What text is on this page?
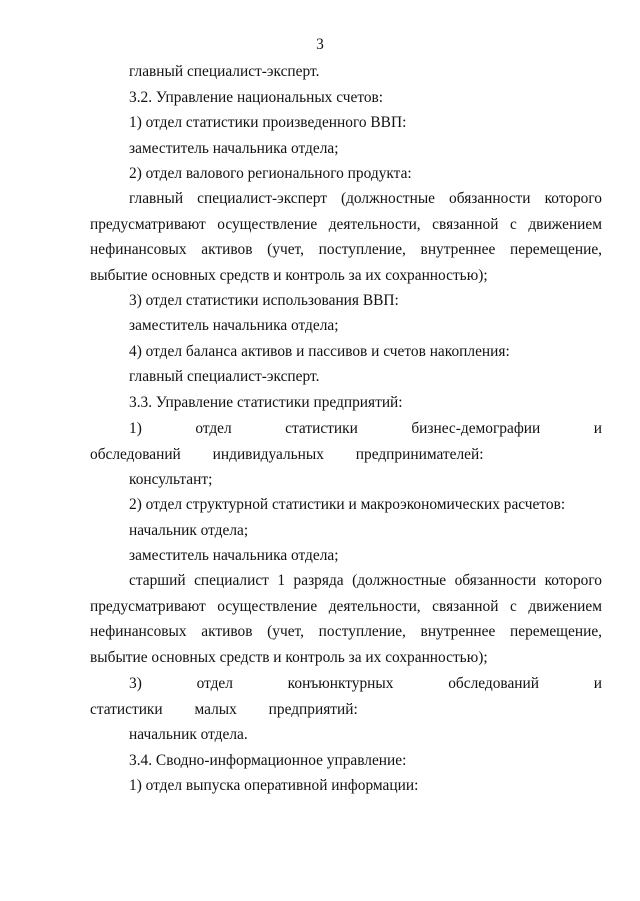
3

главный специалист-эксперт.

3.2. Управление национальных счетов:

1) отдел статистики произведенного ВВП:

заместитель начальника отдела;

2) отдел валового регионального продукта:

главный специалист-эксперт (должностные обязанности которого предусматривают осуществление деятельности, связанной с движением нефинансовых активов (учет, поступление, внутреннее перемещение, выбытие основных средств и контроль за их сохранностью);

3) отдел статистики использования ВВП:

заместитель начальника отдела;

4) отдел баланса активов и пассивов и счетов накопления:

главный специалист-эксперт.

3.3. Управление статистики предприятий:

1) отдел статистики бизнес-демографии и обследований индивидуальных предпринимателей:

консультант;

2) отдел структурной статистики и макроэкономических расчетов:

начальник отдела;

заместитель начальника отдела;

старший специалист 1 разряда (должностные обязанности которого предусматривают осуществление деятельности, связанной с движением нефинансовых активов (учет, поступление, внутреннее перемещение, выбытие основных средств и контроль за их сохранностью);

3) отдел конъюнктурных обследований и статистики малых предприятий:

начальник отдела.

3.4. Сводно-информационное управление:

1) отдел выпуска оперативной информации:
